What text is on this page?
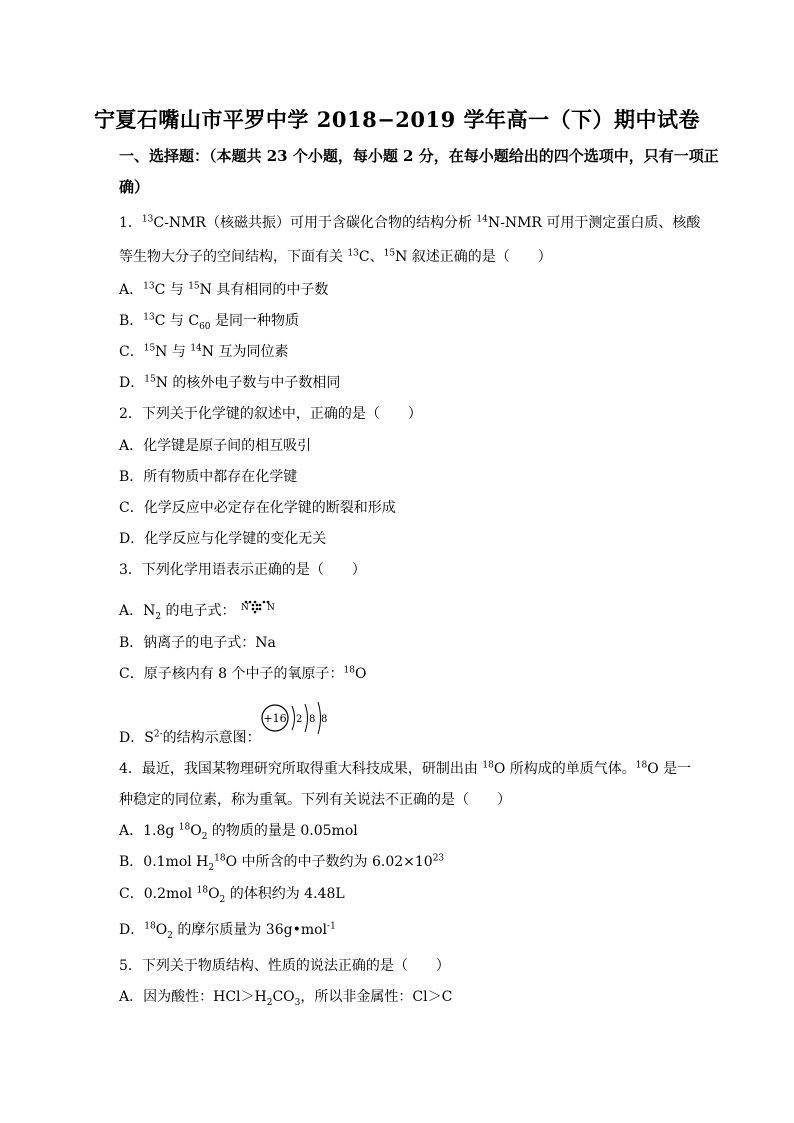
宁夏石嘴山市平罗中学 2018−2019 学年高一（下）期中试卷
一、选择题：（本题共 23 个小题，每小题 2 分，在每小题给出的四个选项中，只有一项正
确）
1．$^{13}$C-NMR（核磁共振）可用于含碳化合物的结构分析 $^{14}$N-NMR 可用于测定蛋白质、核酸
等生物大分子的空间结构，下面有关 $^{13}$C、$^{15}$N 叙述正确的是（　　）
A．$^{13}$C 与 $^{15}$N 具有相同的中子数
B．$^{13}$C 与 $C_{60}$ 是同一种物质
C．$^{15}$N 与 $^{14}$N 互为同位素
D．$^{15}$N 的核外电子数与中子数相同
2．下列关于化学键的叙述中，正确的是（　　）
A．化学键是原子间的相互吸引
B．所有物质中都存在化学键
C．化学反应中必定存在化学键的断裂和形成
D．化学反应与化学键的变化无关
3．下列化学用语表示正确的是（　　）
A．$N_2$ 的电子式： N N
B．钠离子的电子式：Na
C．原子核内有 8 个中子的氧原子：$^{18}$O
+16 2 8 8
D．$S^{2-}$的结构示意图：
4．最近，我国某物理研究所取得重大科技成果，研制出由 $^{18}$O 所构成的单质气体。$^{18}$O 是一
种稳定的同位素，称为重氧。下列有关说法不正确的是（　　）
A．1.8g $^{18}O_2$ 的物质的量是 0.05mol
B．0.1mol $H_2^{18}O$ 中所含的中子数约为 $6.02\times 10^{23}$
C．0.2mol $^{18}O_2$ 的体积约为 4.48L
D．$^{18}O_2$ 的摩尔质量为 36g•mol$^{-1}$
5．下列关于物质结构、性质的说法正确的是（　　）
A．因为酸性：$HCl>H_2CO_3$，所以非金属性：Cl＞C
